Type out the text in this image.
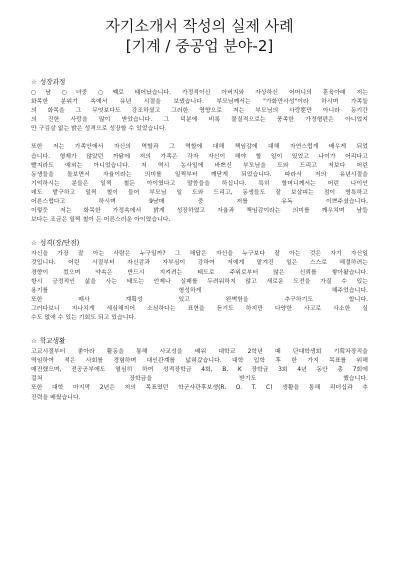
자기소개서 작성의 실제 사례
[기계 / 중공업 분야-2]
☆ 성장과정
○남 ○녀중 ○째로 태어났습니다. 가정적이신 아버지와 자상하신 어머니의 훈육아래 저는
화목한 분위기 속에서 유년 시절을 보냈습니다. 부모님께서는 "가화만사성"이라 하시며 가족들
의 화목을 그 무엇보다도 강조하셨고 그러한 영향으로 저는 부모님의 사랑뿐만 아니라 동기간
의 진한 사랑을 많이 받았습니다. 그 덕분에 비록 물질적으로는 풍족한 가정형편은 아니었지
만 구김살 없는 밝은 성격으로 성장할 수 있었습니다.
또한 저는 가족안에서 자신의 역할과 그 역할에 대해 책임감에 대해 자연스럽게 배우게 되었
습니다. 형제가 많았던 까닭에 저의 가족은 각자 자신이 해야 할 일이 있었고 나이가 어리다고
빨지라도 예외는 아니었습니다. 저 역시 농사일에 바쁘신 부모님을 도와 드리고 저보다 어린
동생들을 돌보면서 자율이라는 의미를 일찍부터 깨닫게 되었습니다. 따라서 저의 유년시절을
기억하시는 분들은 일찍 철든 아이였다고 말씀들을 하십니다. 특히 할머니께서는 어린 나이인
데도 밭구하고 일찍 철이 들어 부모님 일 도와 드리고, 동생들도 잘 보살피는 점이 영특하고
어른스럽다고 하시며 9남매 중 저를 유독 이쁘주셨습니다.
이렇듯 저는 화목한 가정속에서 밝게 성장하였고 자율과 책임감이라는 의미를 깨우치며 남들
보다는 조금은 일찍 철이 든 어른스러운 아이였습니다.
☆ 성격(장/단점)
자신을 가장 잘 아는 사람은 누구일까? 그 해답은 자신을 누구보다 잘 아는 것은 자기 자신일
것입니다. 어린 시절부터 자신감과 자부심이 강하여 저에게 맡겨진 일은 스스로 해결하려는
경향이 컸으며 약속은 반드시 지켜려는 태도로 주위로부터 많은 신뢰를 쌓아왔습니다.
항시 긍정적인 삶을 사는 태도는 언제나 실패를 두려워하지 않고 새로운 도전을 가질 수 있는
용기를 형성하게 해주었습니다.
또한 매사 계획성 있고 완벽함을 추구하기도 합니다.
그러다보니 지나치게 세심해지어 소심하다는 표현을 듣기도 하지만 다양한 사고로 사소한 실
수도 없애 수 있는 기회도 되고 있습니다.
☆ 학교생활
고교시절부터 좋아라 활동을 통해 사교성을 배워 대학교 2학년 때 단대학생회 기획차장직을
역임하여 적은 사회를 경험하며 대인관계를 넓혀갔습니다. 대학 입학 후 한 가지 목표를 위해
매진했으며, 전공공부에도 열심히 하여 성적장학금 4회, B. K 장학금 3회 4년 동안 총 7회에
걸쳐 장학금을 받기도 했습니다.
또한 대학 마지막 2년은 저의 목표였던 학군사관후보생(R. O. T. C) 생활을 통해 리더십과 추
진력을 배웠습니다.
